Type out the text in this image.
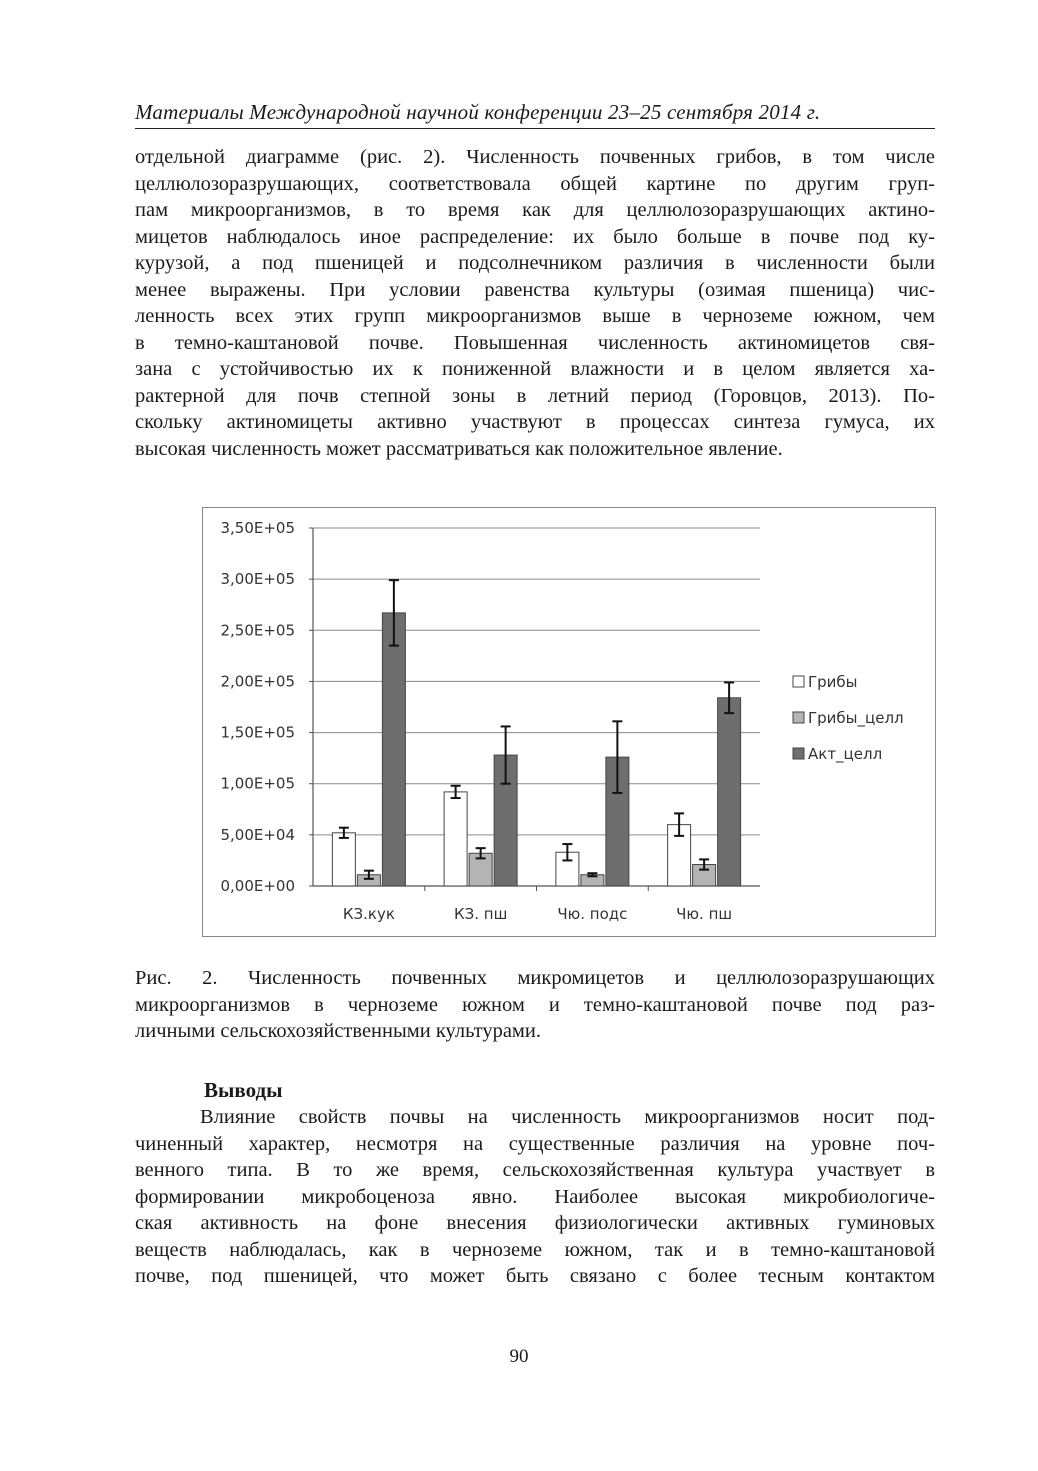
Материалы Международной научной конференции 23–25 сентября 2014 г.
отдельной диаграмме (рис. 2). Численность почвенных грибов, в том числе
целлюлозоразрушающих, соответствовала общей картине по другим груп-
пам микроорганизмов, в то время как для целлюлозоразрушающих актино-
мицетов наблюдалось иное распределение: их было больше в почве под ку-
курузой, а под пшеницей и подсолнечником различия в численности были
менее выражены. При условии равенства культуры (озимая пшеница) чис-
ленность всех этих групп микроорганизмов выше в черноземе южном, чем
в темно-каштановой почве. Повышенная численность актиномицетов свя-
зана с устойчивостью их к пониженной влажности и в целом является ха-
рактерной для почв степной зоны в летний период (Горовцов, 2013). По-
скольку актиномицеты активно участвуют в процессах синтеза гумуса, их
высокая численность может рассматриваться как положительное явление.
0,00E+00
5,00E+04
1,00E+05
1,50E+05
2,00E+05
2,50E+05
3,00E+05
3,50E+05
КЗ.кук	КЗ. пш	Чю. подс	Чю. пш
Грибы
Грибы_целл
Акт_целл
Рис. 2. Численность почвенных микромицетов и целлюлозоразрушающих
микроорганизмов в черноземе южном и темно-каштановой почве под раз-
личными сельскохозяйственными культурами.
Выводы
Влияние свойств почвы на численность микроорганизмов носит под-
чиненный характер, несмотря на существенные различия на уровне поч-
венного типа. В то же время, сельскохозяйственная культура участвует в
формировании микробоценоза явно. Наиболее высокая микробиологиче-
ская активность на фоне внесения физиологически активных гуминовых
веществ наблюдалась, как в черноземе южном, так и в темно-каштановой
почве, под пшеницей, что может быть связано с более тесным контактом
90
